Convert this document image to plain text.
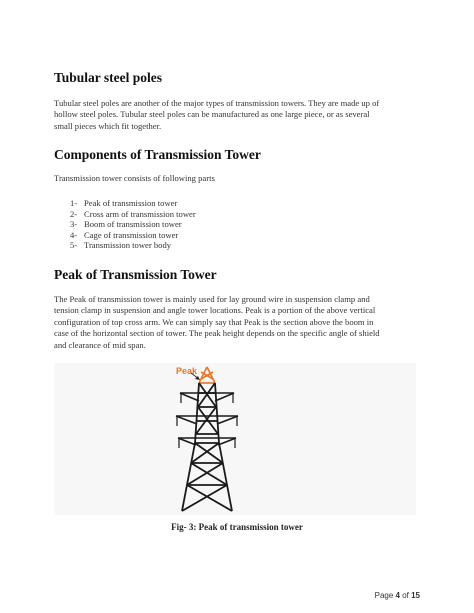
Tubular steel poles
Tubular steel poles are another of the major types of transmission towers. They are made up of
hollow steel poles. Tubular steel poles can be manufactured as one large piece, or as several
small pieces which fit together.
Components of Transmission Tower
Transmission tower consists of following parts
1- Peak of transmission tower
2- Cross arm of transmission tower
3- Boom of transmission tower
4- Cage of transmission tower
5- Transmission tower body
Peak of Transmission Tower
The Peak of transmission tower is mainly used for lay ground wire in suspension clamp and
tension clamp in suspension and angle tower locations. Peak is a portion of the above vertical
configuration of top cross arm. We can simply say that Peak is the section above the boom in
case of the horizontal section of tower. The peak height depends on the specific angle of shield
and clearance of mid span.
Peak
Fig- 3: Peak of transmission tower
Page 4 of 15
